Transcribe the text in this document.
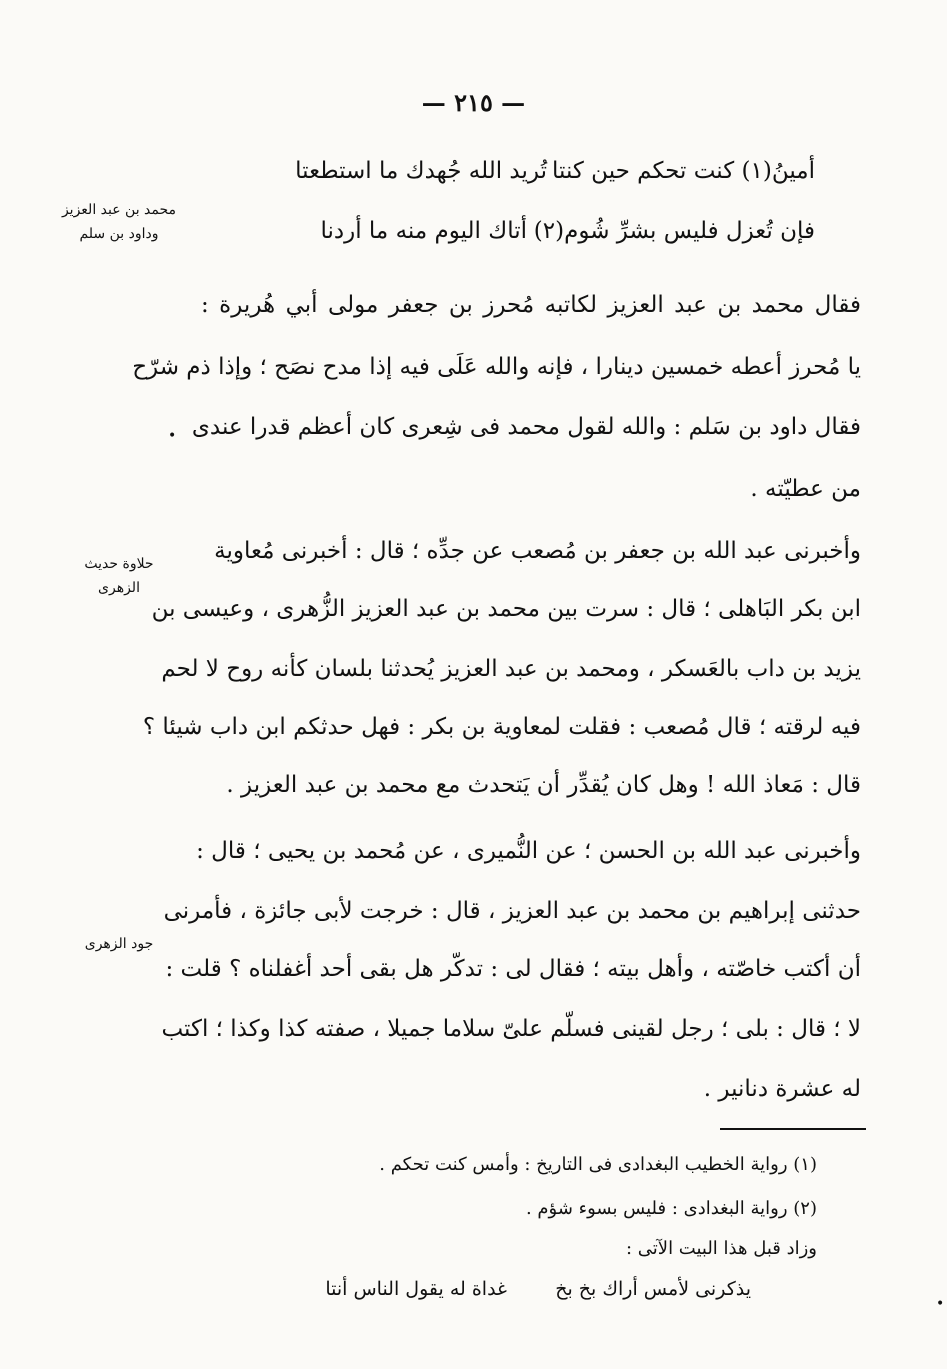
— ٢١٥ —
أمينُ(١) كنت تحكم حين كنتا
تُريد الله جُهدك ما استطعتا
فإن تُعزل فليس بشرِّ شُوم(٢)
أتاك اليوم منه ما أردنا
محمد بن عبد العزيز
وداود بن سلم
حلاوة حديث
الزهرى
جود الزهرى
فقال محمد بن عبد العزيز لكاتبه مُحرز بن جعفر مولى أبي هُريرة :
يا مُحرز أعطه خمسين دينارا ، فإنه والله عَلَى فيه إذا مدح نصَح ؛ وإذا ذم شرّح
فقال داود بن سَلم : والله لقول محمد فى شِعرى كان أعظم قدرا عندى
من عطيّته .
وأخبرنى عبد الله بن جعفر بن مُصعب عن جدِّه ؛ قال : أخبرنى مُعاوية
ابن بكر البَاهلى ؛ قال : سرت بين محمد بن عبد العزيز الزُّهرى ، وعيسى بن
يزيد بن داب بالعَسكر ، ومحمد بن عبد العزيز يُحدثنا بلسان كأنه روح لا لحم
فيه لرقته ؛ قال مُصعب : فقلت لمعاوية بن بكر : فهل حدثكم ابن داب شيئا ؟
قال : مَعاذ الله ! وهل كان يُقدِّر أن يَتحدث مع محمد بن عبد العزيز .
وأخبرنى عبد الله بن الحسن ؛ عن النُّميرى ، عن مُحمد بن يحيى ؛ قال :
حدثنى إبراهيم بن محمد بن عبد العزيز ، قال : خرجت لأبى جائزة ، فأمرنى
أن أكتب خاصّته ، وأهل بيته ؛ فقال لى : تدكّر هل بقى أحد أغفلناه ؟ قلت :
لا ؛ قال : بلى ؛ رجل لقينى فسلّم علىّ سلاما جميلا ، صفته كذا وكذا ؛ اكتب
له عشرة دنانير .
(١) رواية الخطيب البغدادى فى التاريخ : وأمس كنت تحكم .
(٢) رواية البغدادى : فليس بسوء شؤم .
وزاد قبل هذا البيت الآتى :
يذكرنى لأمس أراك بخ بخ
غداة له يقول الناس أنتا
•
•
